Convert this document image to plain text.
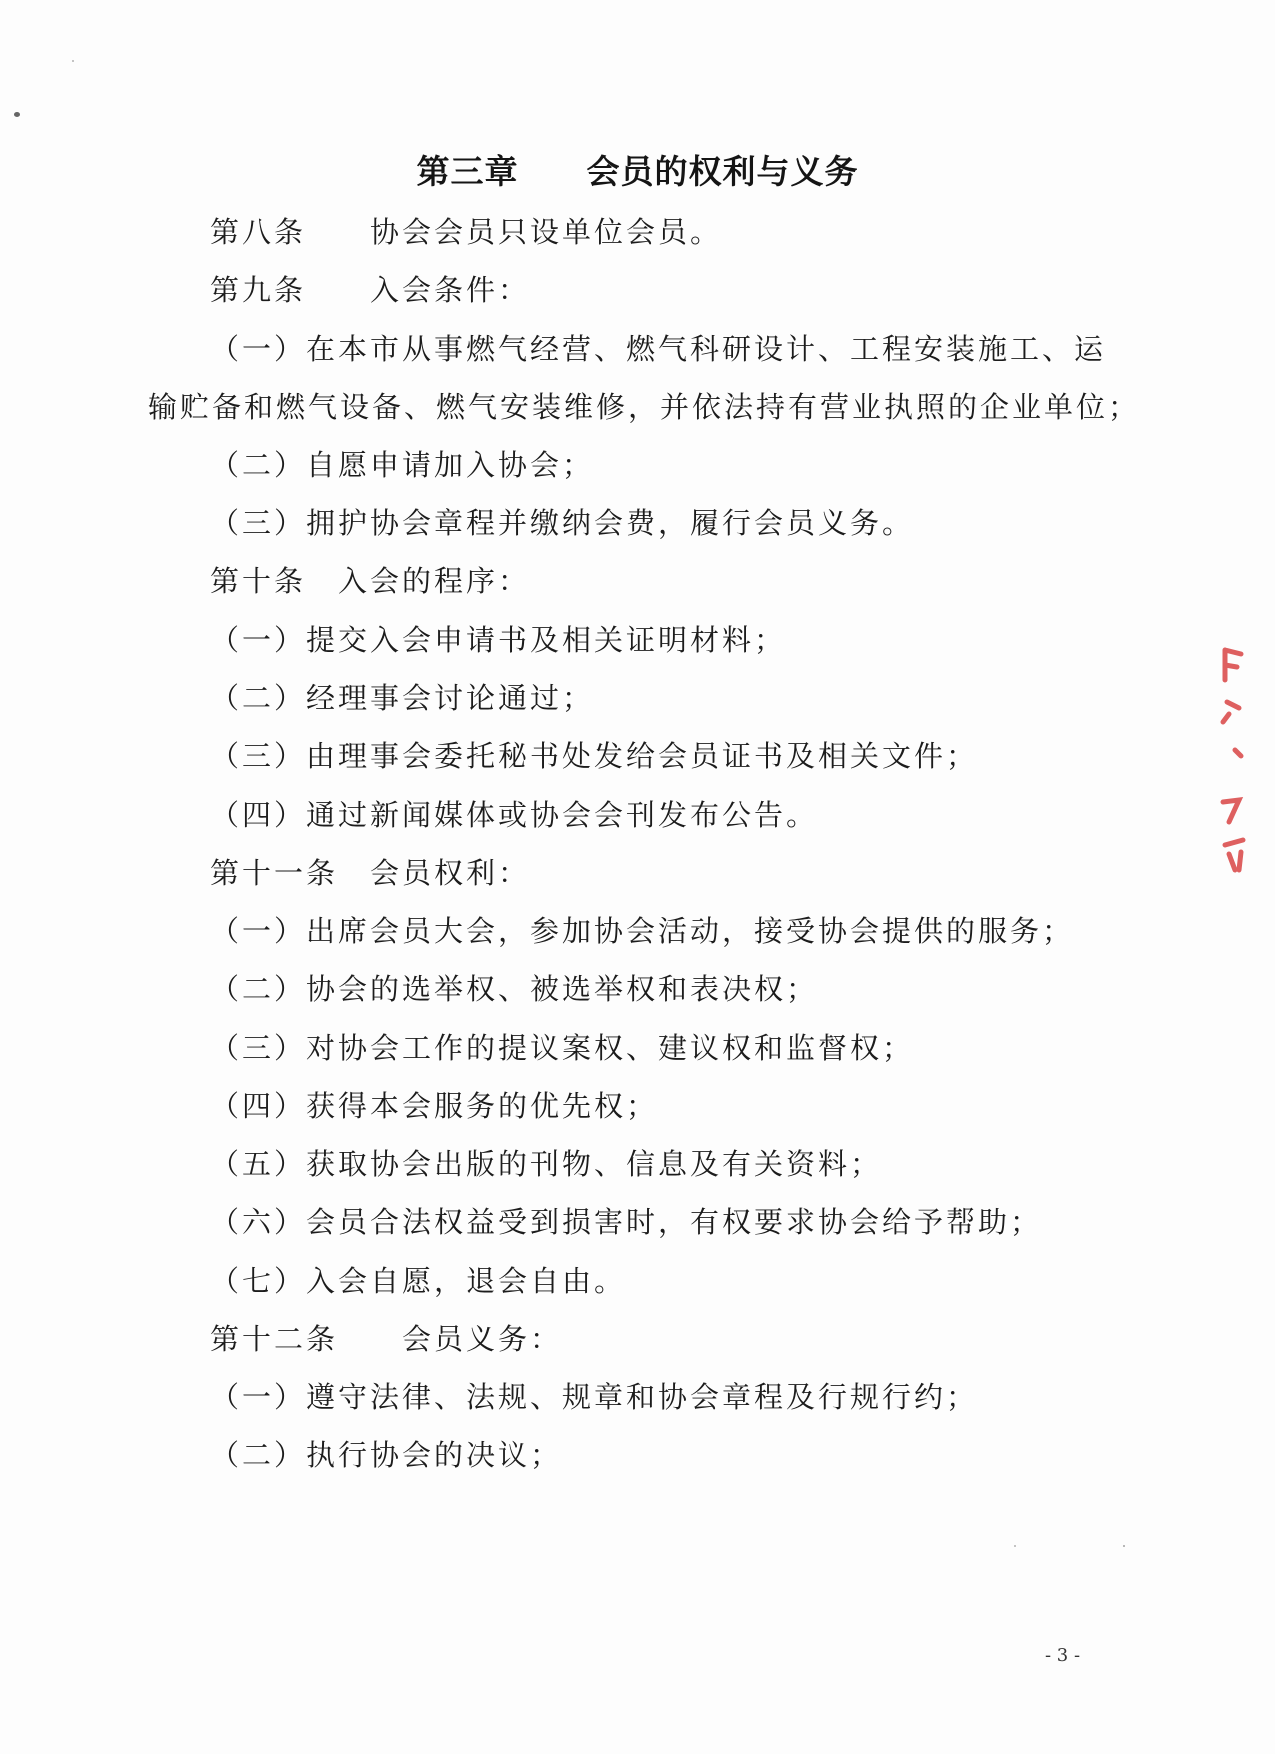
第三章　　会员的权利与义务
第八条　　协会会员只设单位会员。
第九条　　入会条件：
（一）在本市从事燃气经营、燃气科研设计、工程安装施工、运
输贮备和燃气设备、燃气安装维修，并依法持有营业执照的企业单位；
（二）自愿申请加入协会；
（三）拥护协会章程并缴纳会费，履行会员义务。
第十条　入会的程序：
（一）提交入会申请书及相关证明材料；
（二）经理事会讨论通过；
（三）由理事会委托秘书处发给会员证书及相关文件；
（四）通过新闻媒体或协会会刊发布公告。
第十一条　会员权利：
（一）出席会员大会，参加协会活动，接受协会提供的服务；
（二）协会的选举权、被选举权和表决权；
（三）对协会工作的提议案权、建议权和监督权；
（四）获得本会服务的优先权；
（五）获取协会出版的刊物、信息及有关资料；
（六）会员合法权益受到损害时，有权要求协会给予帮助；
（七）入会自愿，退会自由。
第十二条　　会员义务：
（一）遵守法律、法规、规章和协会章程及行规行约；
（二）执行协会的决议；
- 3 -
